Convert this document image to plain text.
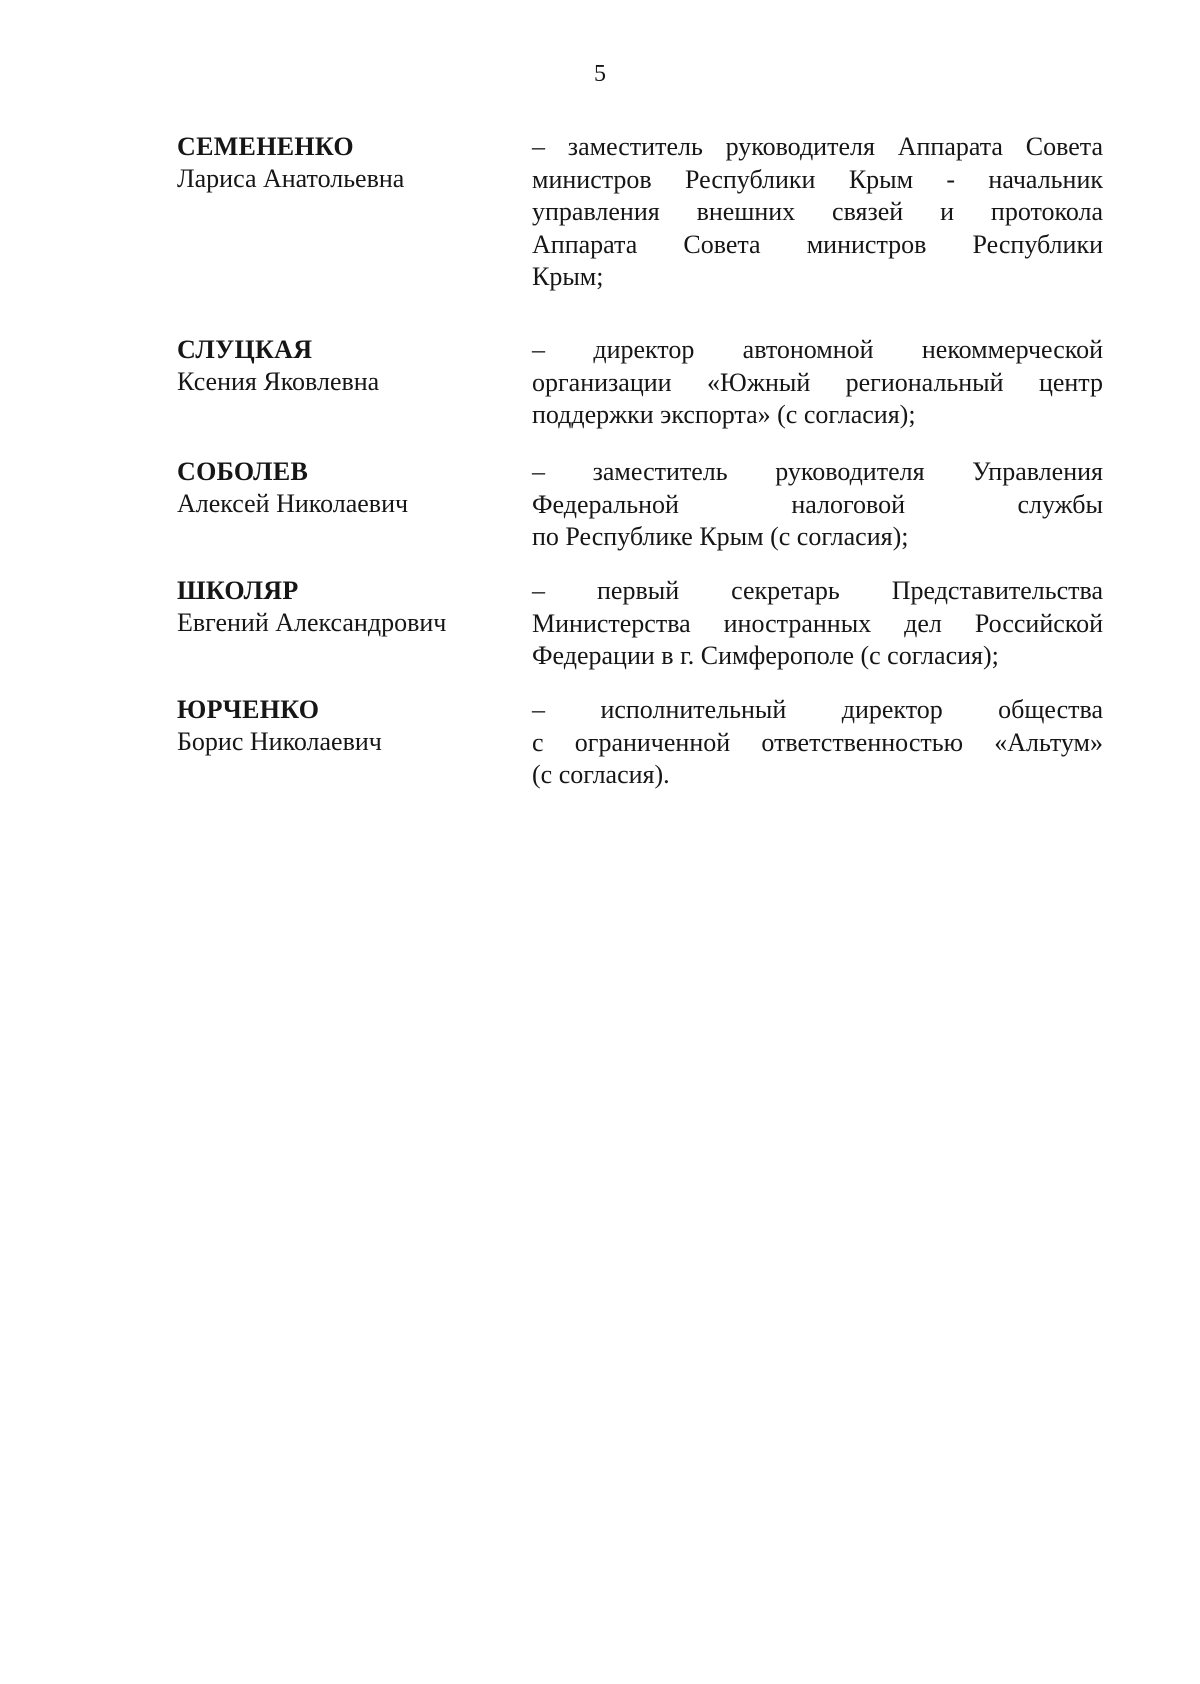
5
СЕМЕНЕНКО
Лариса Анатольевна
– заместитель руководителя Аппарата Совета
министров Республики Крым - начальник
управления внешних связей и протокола
Аппарата Совета министров Республики
Крым;
СЛУЦКАЯ
Ксения Яковлевна
– директор автономной некоммерческой
организации «Южный региональный центр
поддержки экспорта» (с согласия);
СОБОЛЕВ
Алексей Николаевич
– заместитель руководителя Управления
Федеральной налоговой службы
по Республике Крым (с согласия);
ШКОЛЯР
Евгений Александрович
– первый секретарь Представительства
Министерства иностранных дел Российской
Федерации в г. Симферополе (с согласия);
ЮРЧЕНКО
Борис Николаевич
– исполнительный директор общества
с ограниченной ответственностью «Альтум»
(с согласия).
